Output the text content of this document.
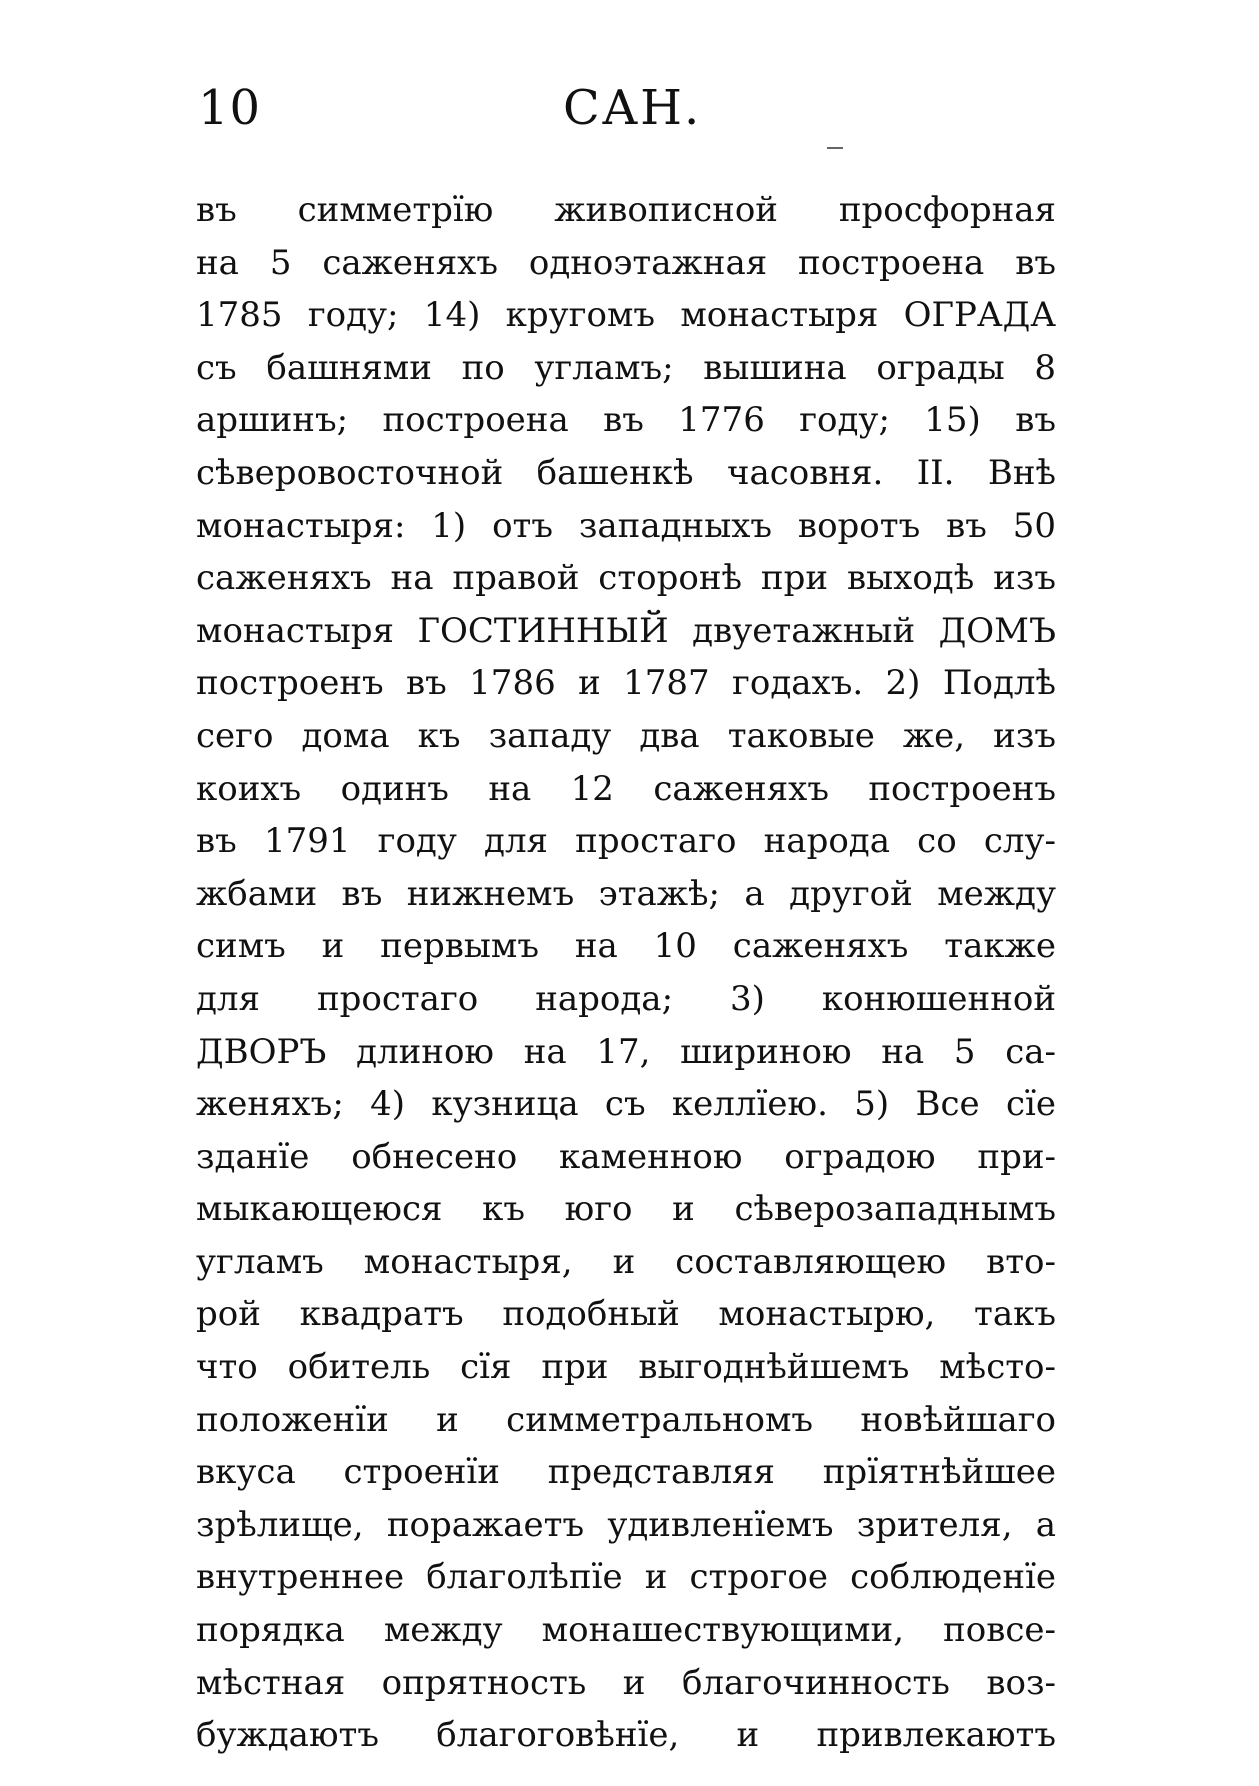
10	САН.
въ симметрїю живописной просфорная
на 5 саженяхъ одноэтажная построена въ
1785 году; 14) кругомъ монастыря ОГРАДА
съ башнями по угламъ; вышина ограды 8
аршинъ; построена въ 1776 году; 15) въ
сѣверовосточной башенкѣ часовня. II. Внѣ
монастыря: 1) отъ западныхъ воротъ въ 50
саженяхъ на правой сторонѣ при выходѣ изъ
монастыря ГОСТИННЫЙ двуетажный ДОМЪ
построенъ въ 1786 и 1787 годахъ. 2) Подлѣ
сего дома къ западу два таковые же, изъ
коихъ одинъ на 12 саженяхъ построенъ
въ 1791 году для простаго народа со слу-
жбами въ нижнемъ этажѣ; а другой между
симъ и первымъ на 10 саженяхъ также
для простаго народа; 3) конюшенной
ДВОРЪ длиною на 17, шириною на 5 са-
женяхъ; 4) кузница съ келлїею. 5) Все сїе
зданїе обнесено каменною оградою при-
мыкающеюся къ юго и сѣверозападнымъ
угламъ монастыря, и составляющею вто-
рой квадратъ подобный монастырю, такъ
что обитель сїя при выгоднѣйшемъ мѣсто-
положенїи и симметральномъ новѣйшаго
вкуса строенїи представляя прїятнѣйшее
зрѣлище, поражаетъ удивленїемъ зрителя, а
внутреннее благолѣпїе и строгое соблюденїе
порядка между монашествующими, повсе-
мѣстная опрятность и благочинность воз-
буждаютъ благоговѣнїе, и привлекаютъ
